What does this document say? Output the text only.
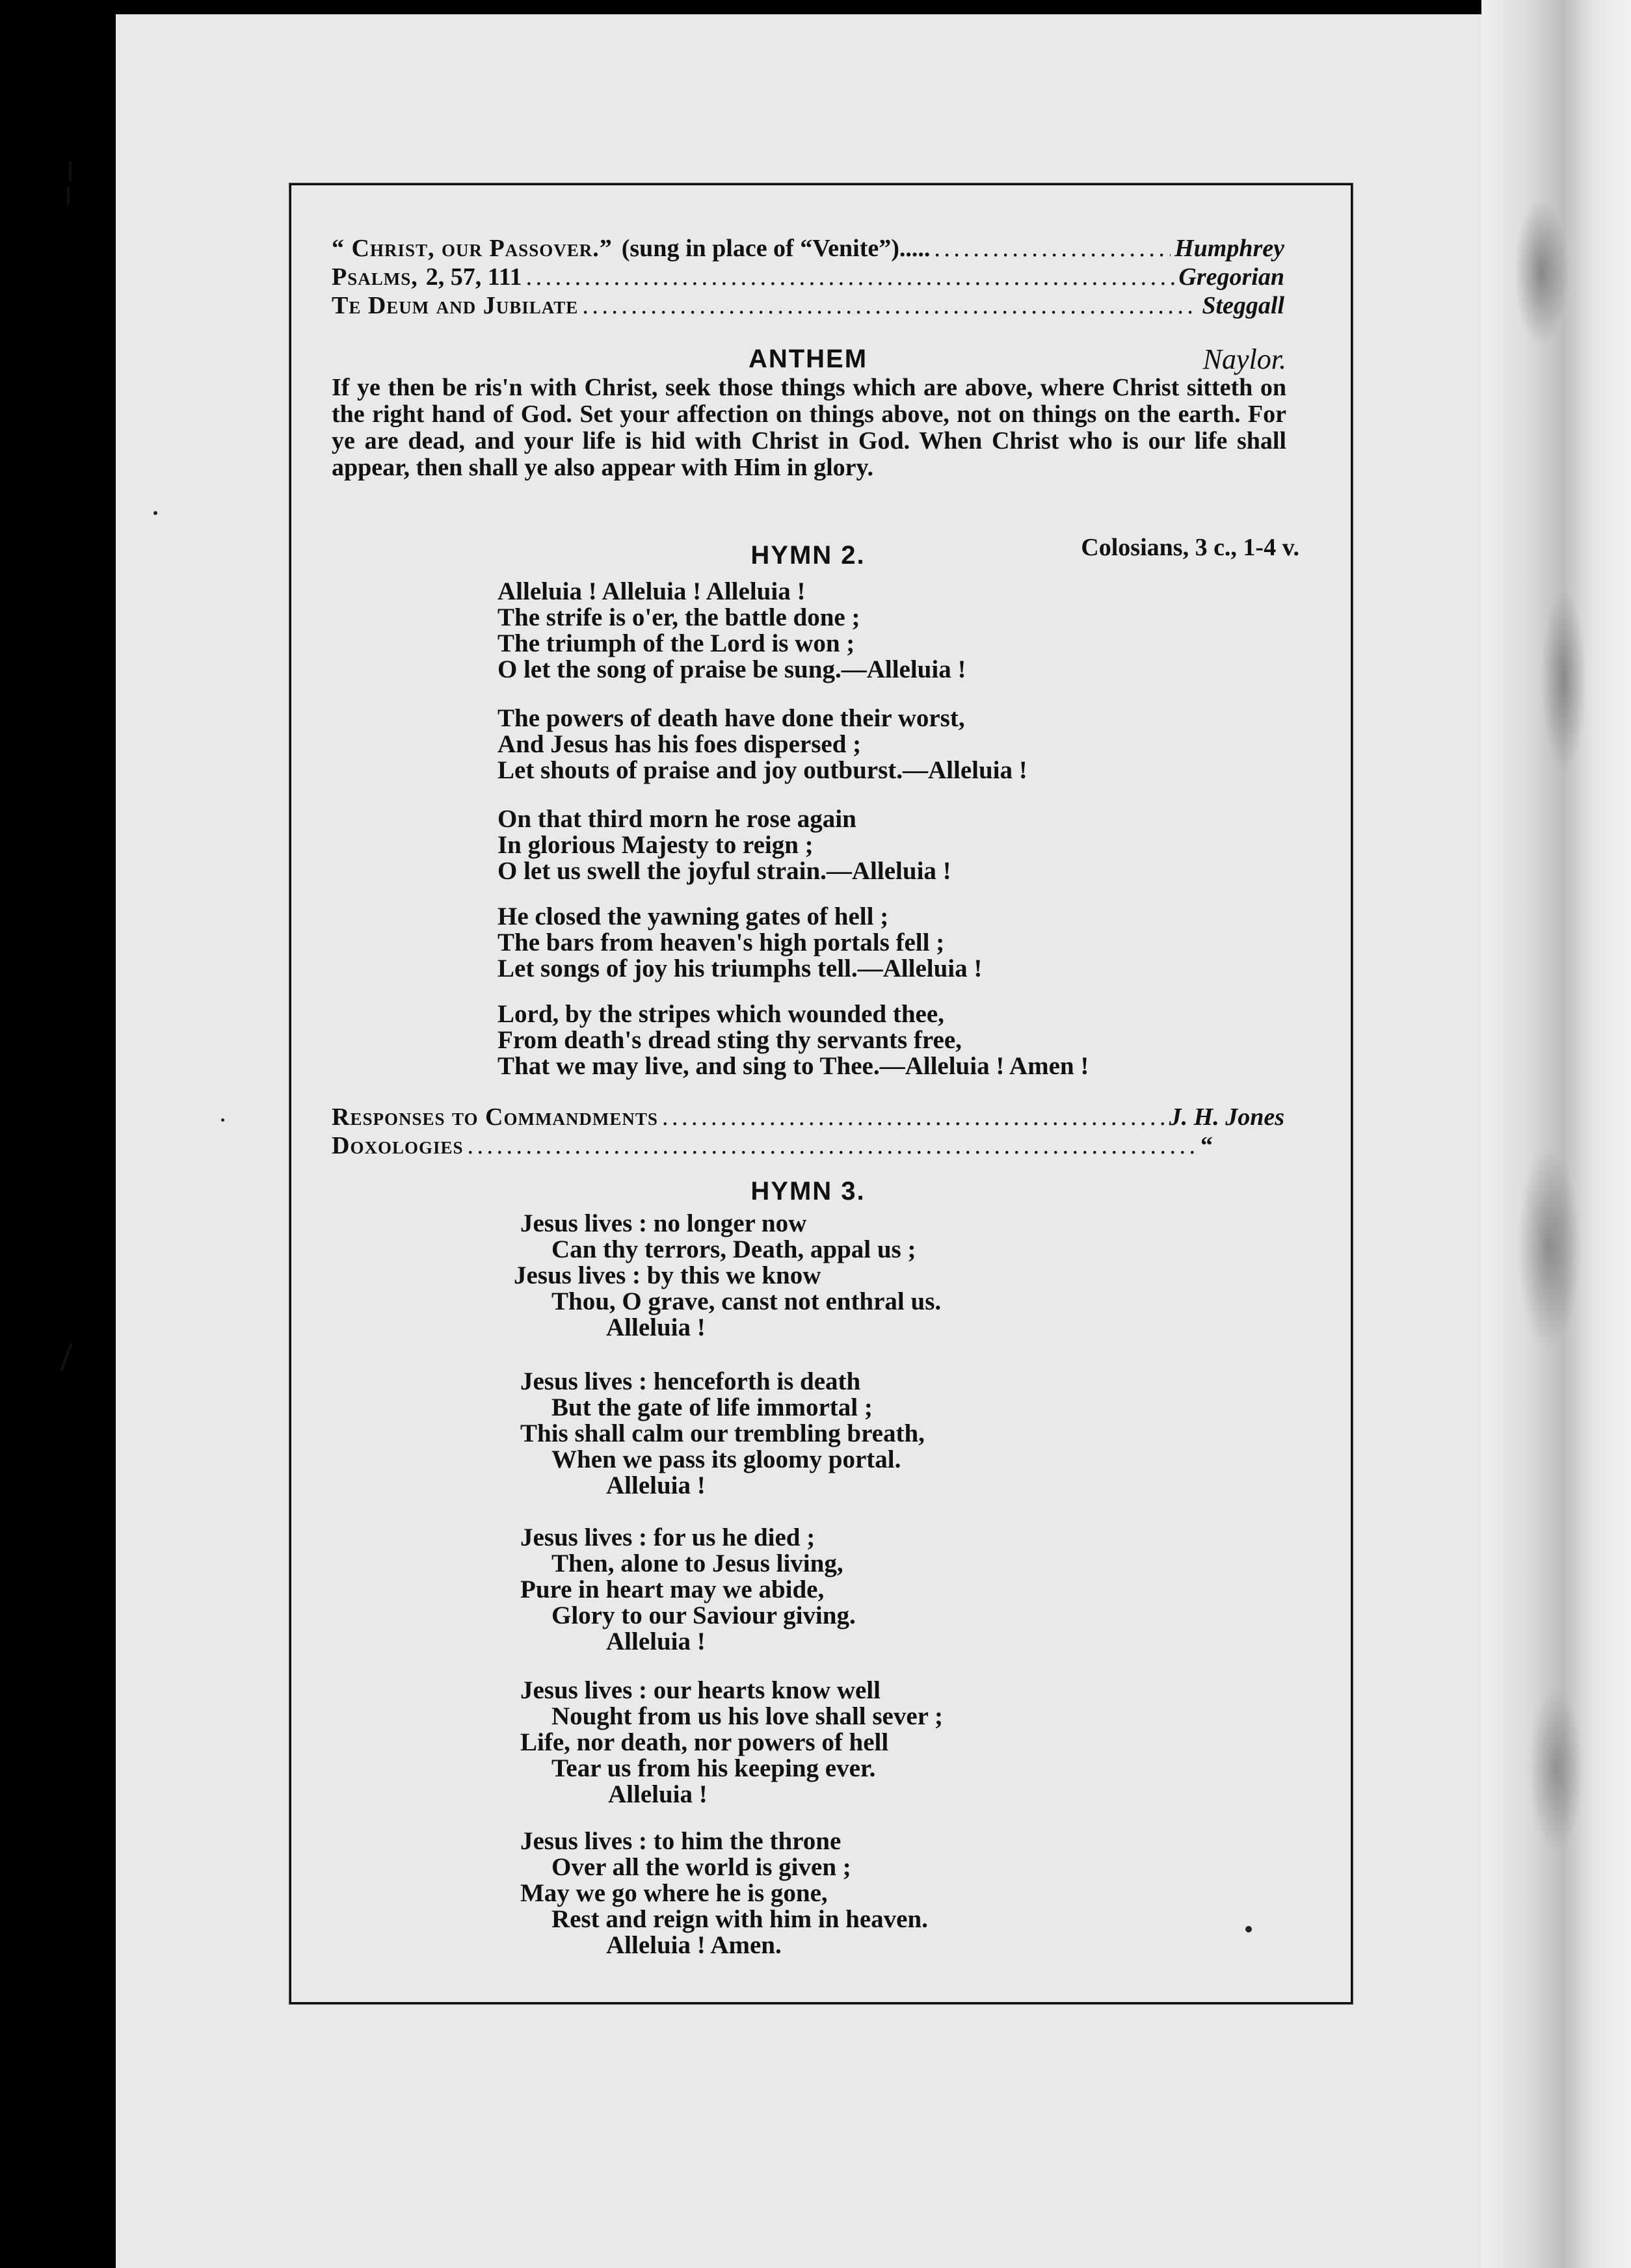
“ Christ, our Passover.” (sung in place of “Venite”) ..... . . .	Humphrey
Psalms, 2, 57, 111 . . .	Gregorian
Te Deum and Jubilate . . .	Steggall
ANTHEM	Naylor.

If ye then be ris'n with Christ, seek those things which are above, where Christ sitteth on the right hand of God. Set your affection on things above, not on things on the earth. For ye are dead, and your life is hid with Christ in God. When Christ who is our life shall appear, then shall ye also appear with Him in glory.

Colosians, 3 c., 1-4 v.
HYMN 2.
Alleluia ! Alleluia ! Alleluia !
The strife is o'er, the battle done ;
The triumph of the Lord is won ;
O let the song of praise be sung.—Alleluia !
The powers of death have done their worst,
And Jesus has his foes dispersed ;
Let shouts of praise and joy outburst.—Alleluia !
On that third morn he rose again
In glorious Majesty to reign ;
O let us swell the joyful strain.—Alleluia !
He closed the yawning gates of hell ;
The bars from heaven's high portals fell ;
Let songs of joy his triumphs tell.—Alleluia !
Lord, by the stripes which wounded thee,
From death's dread sting thy servants free,
That we may live, and sing to Thee.—Alleluia ! Amen !
Responses to Commandments . . .	J. H. Jones
Doxologies . . .	“
HYMN 3.
Jesus lives : no longer now
Can thy terrors, Death, appal us ;
Jesus lives : by this we know
Thou, O grave, canst not enthral us.
Alleluia !
Jesus lives : henceforth is death
But the gate of life immortal ;
This shall calm our trembling breath,
When we pass its gloomy portal.
Alleluia !
Jesus lives : for us he died ;
Then, alone to Jesus living,
Pure in heart may we abide,
Glory to our Saviour giving.
Alleluia !
Jesus lives : our hearts know well
Nought from us his love shall sever ;
Life, nor death, nor powers of hell
Tear us from his keeping ever.
Alleluia !
Jesus lives : to him the throne
Over all the world is given ;
May we go where he is gone,
Rest and reign with him in heaven.
Alleluia ! Amen.
